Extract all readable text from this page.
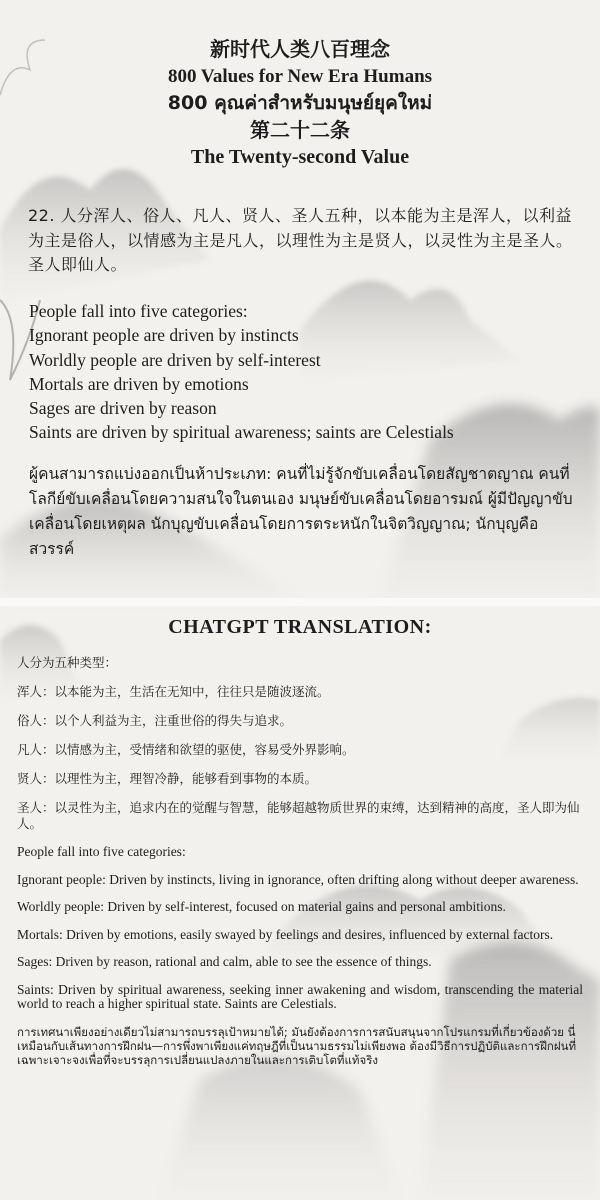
新时代人类八百理念
800 Values for New Era Humans
800 คุณค่าสำหรับมนุษย์ยุคใหม่
第二十二条
The Twenty-second Value
22. 人分浑人、俗人、凡人、贤人、圣人五种，以本能为主是浑人，以利益为主是俗人，以情感为主是凡人，以理性为主是贤人，以灵性为主是圣人。圣人即仙人。
People fall into five categories:
Ignorant people are driven by instincts
Worldly people are driven by self-interest
Mortals are driven by emotions
Sages are driven by reason
Saints are driven by spiritual awareness; saints are Celestials
ผู้คนสามารถแบ่งออกเป็นห้าประเภท: คนที่ไม่รู้จักขับเคลื่อนโดยสัญชาตญาณ คนที่โลกีย์ขับเคลื่อนโดยความสนใจในตนเอง มนุษย์ขับเคลื่อนโดยอารมณ์ ผู้มีปัญญาขับเคลื่อนโดยเหตุผล นักบุญขับเคลื่อนโดยการตระหนักในจิตวิญญาณ; นักบุญคือสวรรค์
CHATGPT TRANSLATION:

人分为五种类型：

浑人：以本能为主，生活在无知中，往往只是随波逐流。

俗人：以个人利益为主，注重世俗的得失与追求。

凡人：以情感为主，受情绪和欲望的驱使，容易受外界影响。

贤人：以理性为主，理智冷静，能够看到事物的本质。

圣人：以灵性为主，追求内在的觉醒与智慧，能够超越物质世界的束缚，达到精神的高度，圣人即为仙人。

People fall into five categories:

Ignorant people: Driven by instincts, living in ignorance, often drifting along without deeper awareness.

Worldly people: Driven by self-interest, focused on material gains and personal ambitions.

Mortals: Driven by emotions, easily swayed by feelings and desires, influenced by external factors.

Sages: Driven by reason, rational and calm, able to see the essence of things.

Saints: Driven by spiritual awareness, seeking inner awakening and wisdom, transcending the material world to reach a higher spiritual state. Saints are Celestials.

การเทศนาเพียงอย่างเดียวไม่สามารถบรรลุเป้าหมายได้; มันยังต้องการการสนับสนุนจากโปรแกรมที่เกี่ยวข้องด้วย นี่เหมือนกับเส้นทางการฝึกฝน—การพึ่งพาเพียงแค่ทฤษฎีที่เป็นนามธรรมไม่เพียงพอ ต้องมีวิธีการปฏิบัติและการฝึกฝนที่เฉพาะเจาะจงเพื่อที่จะบรรลุการเปลี่ยนแปลงภายในและการเติบโตที่แท้จริง
